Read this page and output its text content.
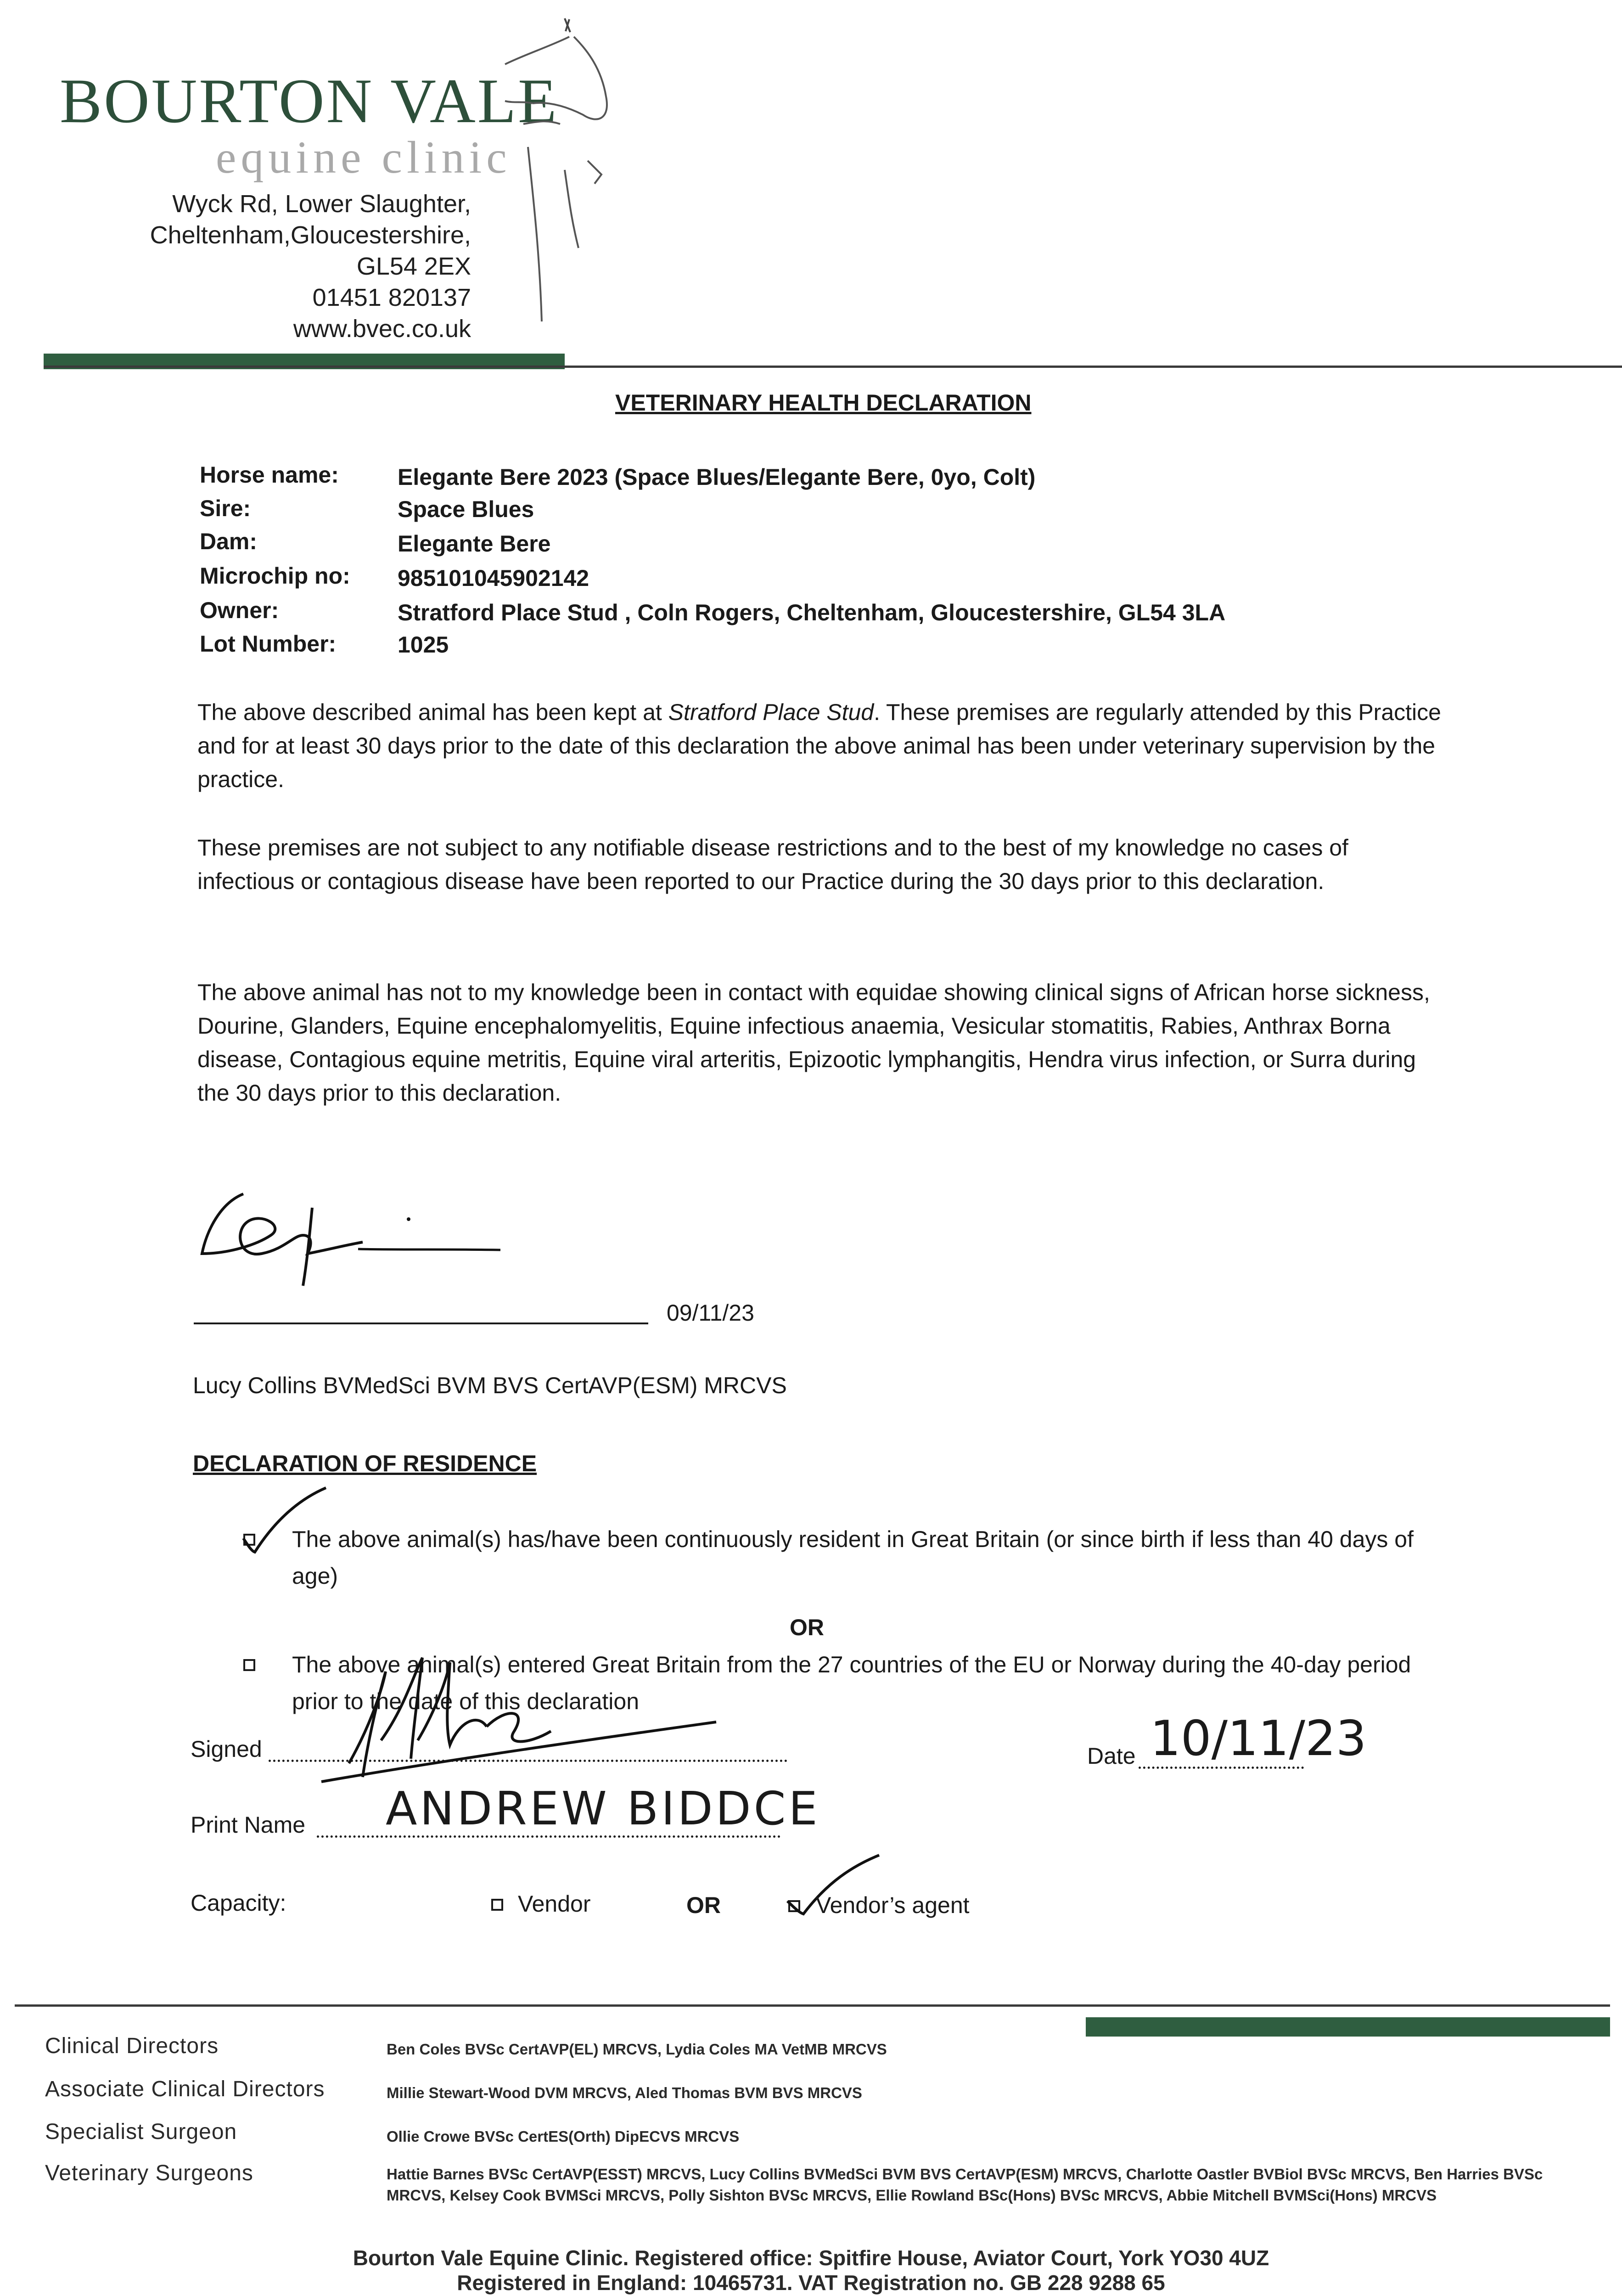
BOURTON VALE
equine clinic
Wyck Rd, Lower Slaughter,
Cheltenham,Gloucestershire,
GL54 2EX
01451 820137
www.bvec.co.uk
VETERINARY HEALTH DECLARATION
Horse name:	Elegante Bere 2023 (Space Blues/Elegante Bere, 0yo, Colt)
Sire:	Space Blues
Dam:	Elegante Bere
Microchip no: 985101045902142
Owner:	Stratford Place Stud , Coln Rogers, Cheltenham, Gloucestershire, GL54 3LA
Lot Number:	1025
The above described animal has been kept at Stratford Place Stud. These premises are regularly attended by this Practice and for at least 30 days prior to the date of this declaration the above animal has been under veterinary supervision by the practice.
These premises are not subject to any notifiable disease restrictions and to the best of my knowledge no cases of infectious or contagious disease have been reported to our Practice during the 30 days prior to this declaration.
The above animal has not to my knowledge been in contact with equidae showing clinical signs of African horse sickness, Dourine, Glanders, Equine encephalomyelitis, Equine infectious anaemia, Vesicular stomatitis, Rabies, Anthrax Borna disease, Contagious equine metritis, Equine viral arteritis, Epizootic lymphangitis, Hendra virus infection, or Surra during the 30 days prior to this declaration.
09/11/23
Lucy Collins BVMedSci BVM BVS CertAVP(ESM) MRCVS
DECLARATION OF RESIDENCE
The above animal(s) has/have been continuously resident in Great Britain (or since birth if less than 40 days of age)
OR
The above animal(s) entered Great Britain from the 27 countries of the EU or Norway during the 40-day period prior to the date of this declaration
Signed	Date 10/11/23
Print Name ANDREW BIDDCE
Capacity:	Vendor	OR	Vendor’s agent
Clinical Directors	Ben Coles BVSc CertAVP(EL) MRCVS, Lydia Coles MA VetMB MRCVS
Associate Clinical Directors	Millie Stewart-Wood DVM MRCVS, Aled Thomas BVM BVS MRCVS
Specialist Surgeon	Ollie Crowe BVSc CertES(Orth) DipECVS MRCVS
Veterinary Surgeons	Hattie Barnes BVSc CertAVP(ESST) MRCVS, Lucy Collins BVMedSci BVM BVS CertAVP(ESM) MRCVS, Charlotte Oastler BVBiol BVSc MRCVS, Ben Harries BVSc MRCVS, Kelsey Cook BVMSci MRCVS, Polly Sishton BVSc MRCVS, Ellie Rowland BSc(Hons) BVSc MRCVS, Abbie Mitchell BVMSci(Hons) MRCVS
Bourton Vale Equine Clinic. Registered office: Spitfire House, Aviator Court, York YO30 4UZ
Registered in England: 10465731. VAT Registration no. GB 228 9288 65
